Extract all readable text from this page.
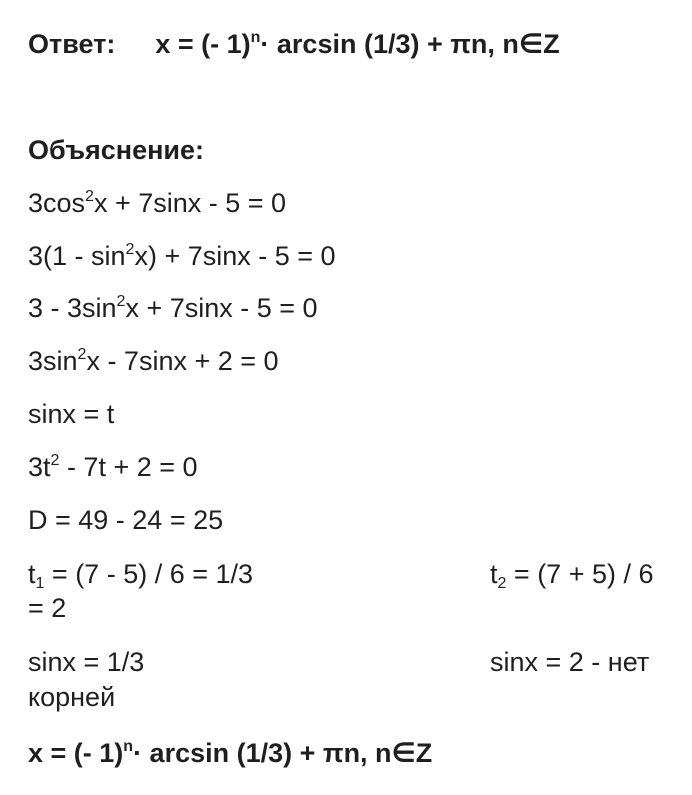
Ответ: x = (- 1)$^n$· arcsin (1/3) + πn, n∈Z
Объяснение:
$3\cos^2x + 7\sin x - 5 = 0$
$3(1 - \sin^2x) + 7\sin x - 5 = 0$
$3 - 3\sin^2x + 7\sin x - 5 = 0$
$3\sin^2x - 7\sin x + 2 = 0$
sinx = t
$3t^2 - 7t + 2 = 0$
D = 49 - 24 = 25
$t_1 = (7 - 5) / 6 = 1/3$	$t_2 = (7 + 5) / 6$
= 2
sinx = 1/3	sinx = 2 - нет
корней
x = (- 1)$^n$· arcsin (1/3) + πn, n∈Z
